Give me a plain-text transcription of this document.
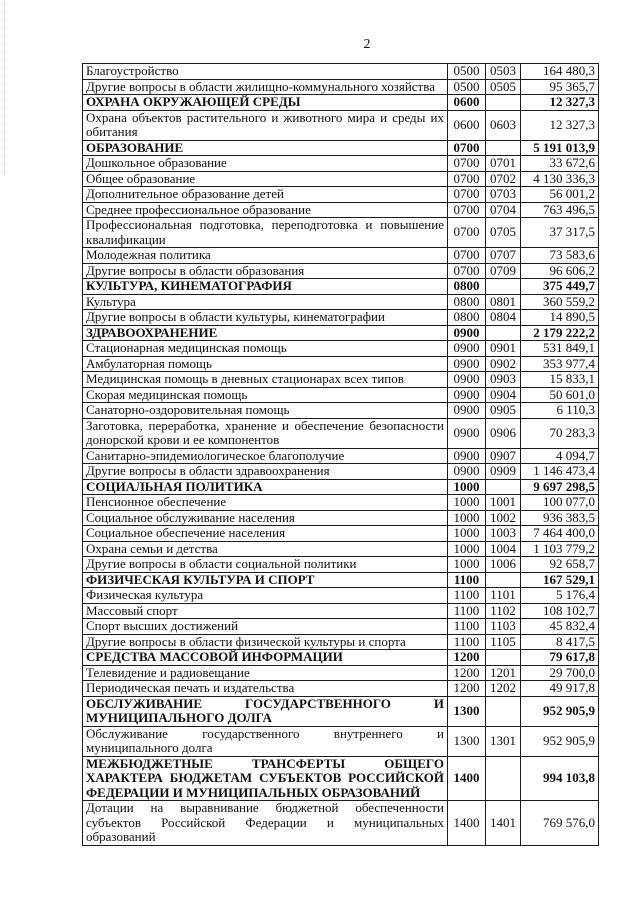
2
Благоустройство	0500	0503	164 480,3
Другие вопросы в области жилищно-коммунального хозяйства	0500	0505	95 365,7
ОХРАНА ОКРУЖАЮЩЕЙ СРЕДЫ	0600		12 327,3
Охрана объектов растительного и животного мира и среды их обитания	0600	0603	12 327,3
ОБРАЗОВАНИЕ	0700		5 191 013,9
Дошкольное образование	0700	0701	33 672,6
Общее образование	0700	0702	4 130 336,3
Дополнительное образование детей	0700	0703	56 001,2
Среднее профессиональное образование	0700	0704	763 496,5
Профессиональная подготовка, переподготовка и повышение квалификации	0700	0705	37 317,5
Молодежная политика	0700	0707	73 583,6
Другие вопросы в области образования	0700	0709	96 606,2
КУЛЬТУРА, КИНЕМАТОГРАФИЯ	0800		375 449,7
Культура	0800	0801	360 559,2
Другие вопросы в области культуры, кинематографии	0800	0804	14 890,5
ЗДРАВООХРАНЕНИЕ	0900		2 179 222,2
Стационарная медицинская помощь	0900	0901	531 849,1
Амбулаторная помощь	0900	0902	353 977,4
Медицинская помощь в дневных стационарах всех типов	0900	0903	15 833,1
Скорая медицинская помощь	0900	0904	50 601,0
Санаторно-оздоровительная помощь	0900	0905	6 110,3
Заготовка, переработка, хранение и обеспечение безопасности донорской крови и ее компонентов	0900	0906	70 283,3
Санитарно-эпидемиологическое благополучие	0900	0907	4 094,7
Другие вопросы в области здравоохранения	0900	0909	1 146 473,4
СОЦИАЛЬНАЯ ПОЛИТИКА	1000		9 697 298,5
Пенсионное обеспечение	1000	1001	100 077,0
Социальное обслуживание населения	1000	1002	936 383,5
Социальное обеспечение населения	1000	1003	7 464 400,0
Охрана семьи и детства	1000	1004	1 103 779,2
Другие вопросы в области социальной политики	1000	1006	92 658,7
ФИЗИЧЕСКАЯ КУЛЬТУРА И СПОРТ	1100		167 529,1
Физическая культура	1100	1101	5 176,4
Массовый спорт	1100	1102	108 102,7
Спорт высших достижений	1100	1103	45 832,4
Другие вопросы в области физической культуры и спорта	1100	1105	8 417,5
СРЕДСТВА МАССОВОЙ ИНФОРМАЦИИ	1200		79 617,8
Телевидение и радиовещание	1200	1201	29 700,0
Периодическая печать и издательства	1200	1202	49 917,8
ОБСЛУЖИВАНИЕ ГОСУДАРСТВЕННОГО И МУНИЦИПАЛЬНОГО ДОЛГА	1300		952 905,9
Обслуживание государственного внутреннего и муниципального долга	1300	1301	952 905,9
МЕЖБЮДЖЕТНЫЕ ТРАНСФЕРТЫ ОБЩЕГО ХАРАКТЕРА БЮДЖЕТАМ СУБЪЕКТОВ РОССИЙСКОЙ ФЕДЕРАЦИИ И МУНИЦИПАЛЬНЫХ ОБРАЗОВАНИЙ	1400		994 103,8
Дотации на выравнивание бюджетной обеспеченности субъектов Российской Федерации и муниципальных образований	1400	1401	769 576,0
